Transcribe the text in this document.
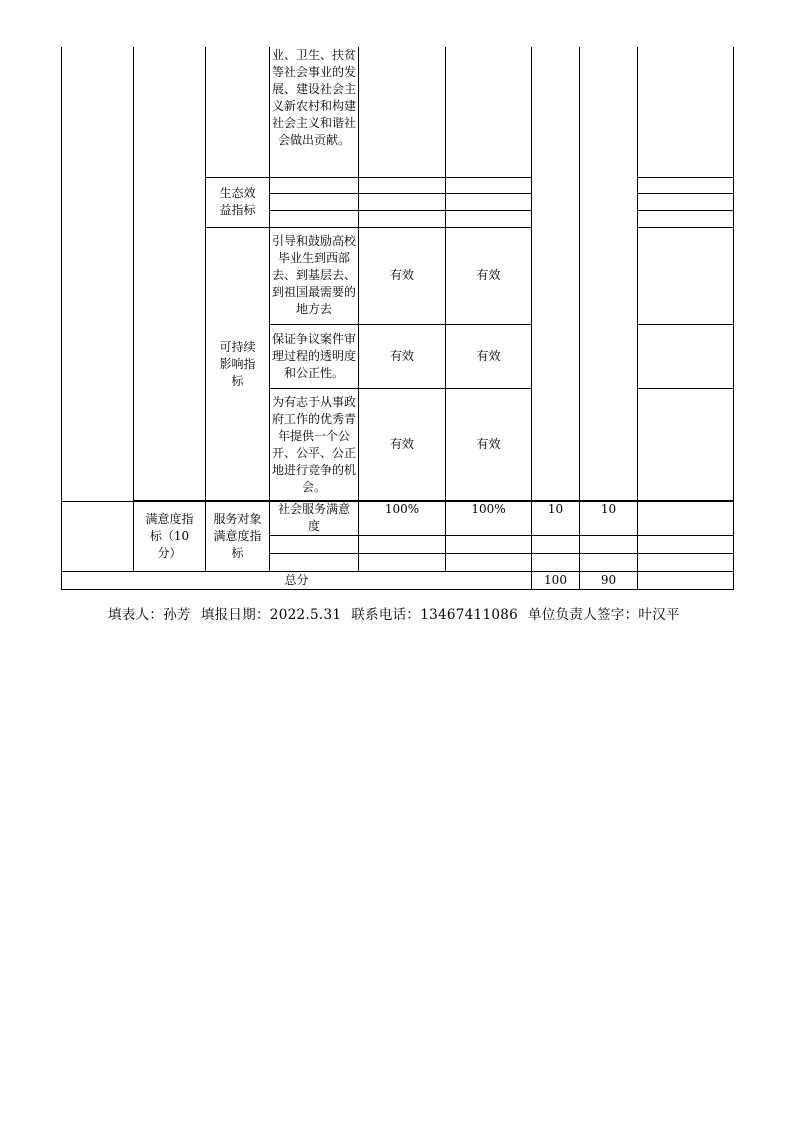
			业、卫生、扶贫等社会事业的发展、建设社会主义新农村和构建社会主义和谐社会做出贡献。					

		生态效益指标						

		可持续影响指标	引导和鼓励高校毕业生到西部去、到基层去、到祖国最需要的地方去	有效	有效			

			保证争议案件审理过程的透明度和公正性。	有效	有效			

			为有志于从事政府工作的优秀青年提供一个公开、公平、公正地进行竞争的机会。	有效	有效			

	满意度指标（10分）	服务对象满意度指标	社会服务满意度	100%	100%	10	10	

总分						100	90	
填表人：孙芳 填报日期：2022.5.31 联系电话：13467411086 单位负责人签字：叶汉平
